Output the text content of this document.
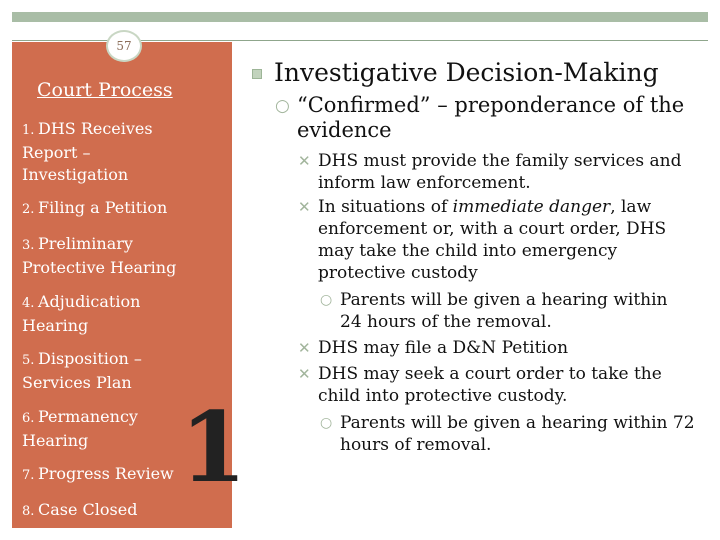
57
Court Process
1. DHS Receives Report – Investigation
2. Filing a Petition
3. Preliminary Protective Hearing
4. Adjudication Hearing
5. Disposition – Services Plan
6. Permanency Hearing
7. Progress Review
8. Case Closed
1
Investigative Decision-Making
○ “Confirmed” – preponderance of the evidence
✕ DHS must provide the family services and inform law enforcement.
✕ In situations of immediate danger, law enforcement or, with a court order, DHS may take the child into emergency protective custody
○ Parents will be given a hearing within 24 hours of the removal.
✕ DHS may file a D&N Petition
✕ DHS may seek a court order to take the child into protective custody.
○ Parents will be given a hearing within 72 hours of removal.
